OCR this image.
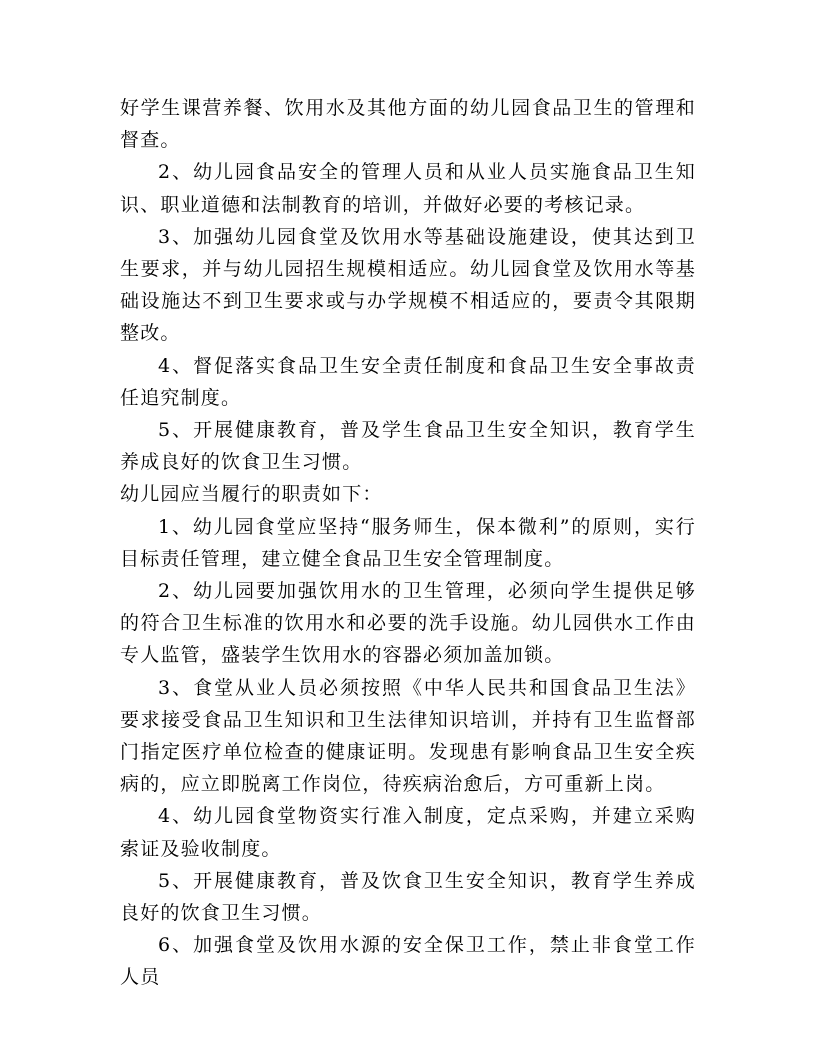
好学生课营养餐、饮用水及其他方面的幼儿园食品卫生的管理和督查。

2、幼儿园食品安全的管理人员和从业人员实施食品卫生知识、职业道德和法制教育的培训，并做好必要的考核记录。

3、加强幼儿园食堂及饮用水等基础设施建设，使其达到卫生要求，并与幼儿园招生规模相适应。幼儿园食堂及饮用水等基础设施达不到卫生要求或与办学规模不相适应的，要责令其限期整改。

4、督促落实食品卫生安全责任制度和食品卫生安全事故责任追究制度。

5、开展健康教育，普及学生食品卫生安全知识，教育学生养成良好的饮食卫生习惯。

幼儿园应当履行的职责如下：

1、幼儿园食堂应坚持“服务师生，保本微利”的原则，实行目标责任管理，建立健全食品卫生安全管理制度。

2、幼儿园要加强饮用水的卫生管理，必须向学生提供足够的符合卫生标准的饮用水和必要的洗手设施。幼儿园供水工作由专人监管，盛装学生饮用水的容器必须加盖加锁。

3、食堂从业人员必须按照《中华人民共和国食品卫生法》要求接受食品卫生知识和卫生法律知识培训，并持有卫生监督部门指定医疗单位检查的健康证明。发现患有影响食品卫生安全疾病的，应立即脱离工作岗位，待疾病治愈后，方可重新上岗。

4、幼儿园食堂物资实行准入制度，定点采购，并建立采购索证及验收制度。

5、开展健康教育，普及饮食卫生安全知识，教育学生养成良好的饮食卫生习惯。

6、加强食堂及饮用水源的安全保卫工作，禁止非食堂工作人员
